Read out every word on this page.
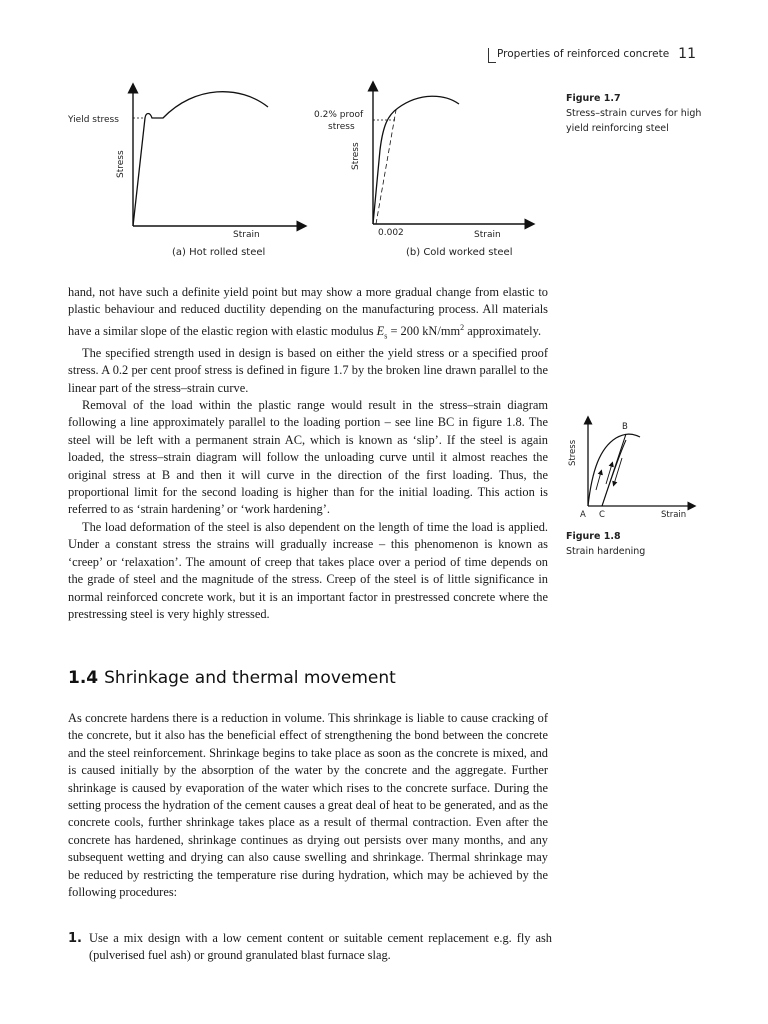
Properties of reinforced concrete 11
Yield stress
Stress
Strain
(a) Hot rolled steel
0.2% proof
stress
Stress
0.002	Strain
(b) Cold worked steel
Figure 1.7
Stress–strain curves for high yield reinforcing steel
B
A C	Strain
Stress
Figure 1.8
Strain hardening

hand, not have such a definite yield point but may show a more gradual change from elastic to plastic behaviour and reduced ductility depending on the manufacturing process. All materials have a similar slope of the elastic region with elastic modulus $E_s = 200$ $kN/mm^2$ approximately.

The specified strength used in design is based on either the yield stress or a specified proof stress. A 0.2 per cent proof stress is defined in figure 1.7 by the broken line drawn parallel to the linear part of the stress–strain curve.

Removal of the load within the plastic range would result in the stress–strain diagram following a line approximately parallel to the loading portion – see line BC in figure 1.8. The steel will be left with a permanent strain AC, which is known as ‘slip’. If the steel is again loaded, the stress–strain diagram will follow the unloading curve until it almost reaches the original stress at B and then it will curve in the direction of the first loading. Thus, the proportional limit for the second loading is higher than for the initial loading. This action is referred to as ‘strain hardening’ or ‘work hardening’.

The load deformation of the steel is also dependent on the length of time the load is applied. Under a constant stress the strains will gradually increase – this phenomenon is known as ‘creep’ or ‘relaxation’. The amount of creep that takes place over a period of time depends on the grade of steel and the magnitude of the stress. Creep of the steel is of little significance in normal reinforced concrete work, but it is an important factor in prestressed concrete where the prestressing steel is very highly stressed.

1.4 Shrinkage and thermal movement

As concrete hardens there is a reduction in volume. This shrinkage is liable to cause cracking of the concrete, but it also has the beneficial effect of strengthening the bond between the concrete and the steel reinforcement. Shrinkage begins to take place as soon as the concrete is mixed, and is caused initially by the absorption of the water by the concrete and the aggregate. Further shrinkage is caused by evaporation of the water which rises to the concrete surface. During the setting process the hydration of the cement causes a great deal of heat to be generated, and as the concrete cools, further shrinkage takes place as a result of thermal contraction. Even after the concrete has hardened, shrinkage continues as drying out persists over many months, and any subsequent wetting and drying can also cause swelling and shrinkage. Thermal shrinkage may be reduced by restricting the temperature rise during hydration, which may be achieved by the following procedures:

1. Use a mix design with a low cement content or suitable cement replacement e.g. fly ash (pulverised fuel ash) or ground granulated blast furnace slag.
